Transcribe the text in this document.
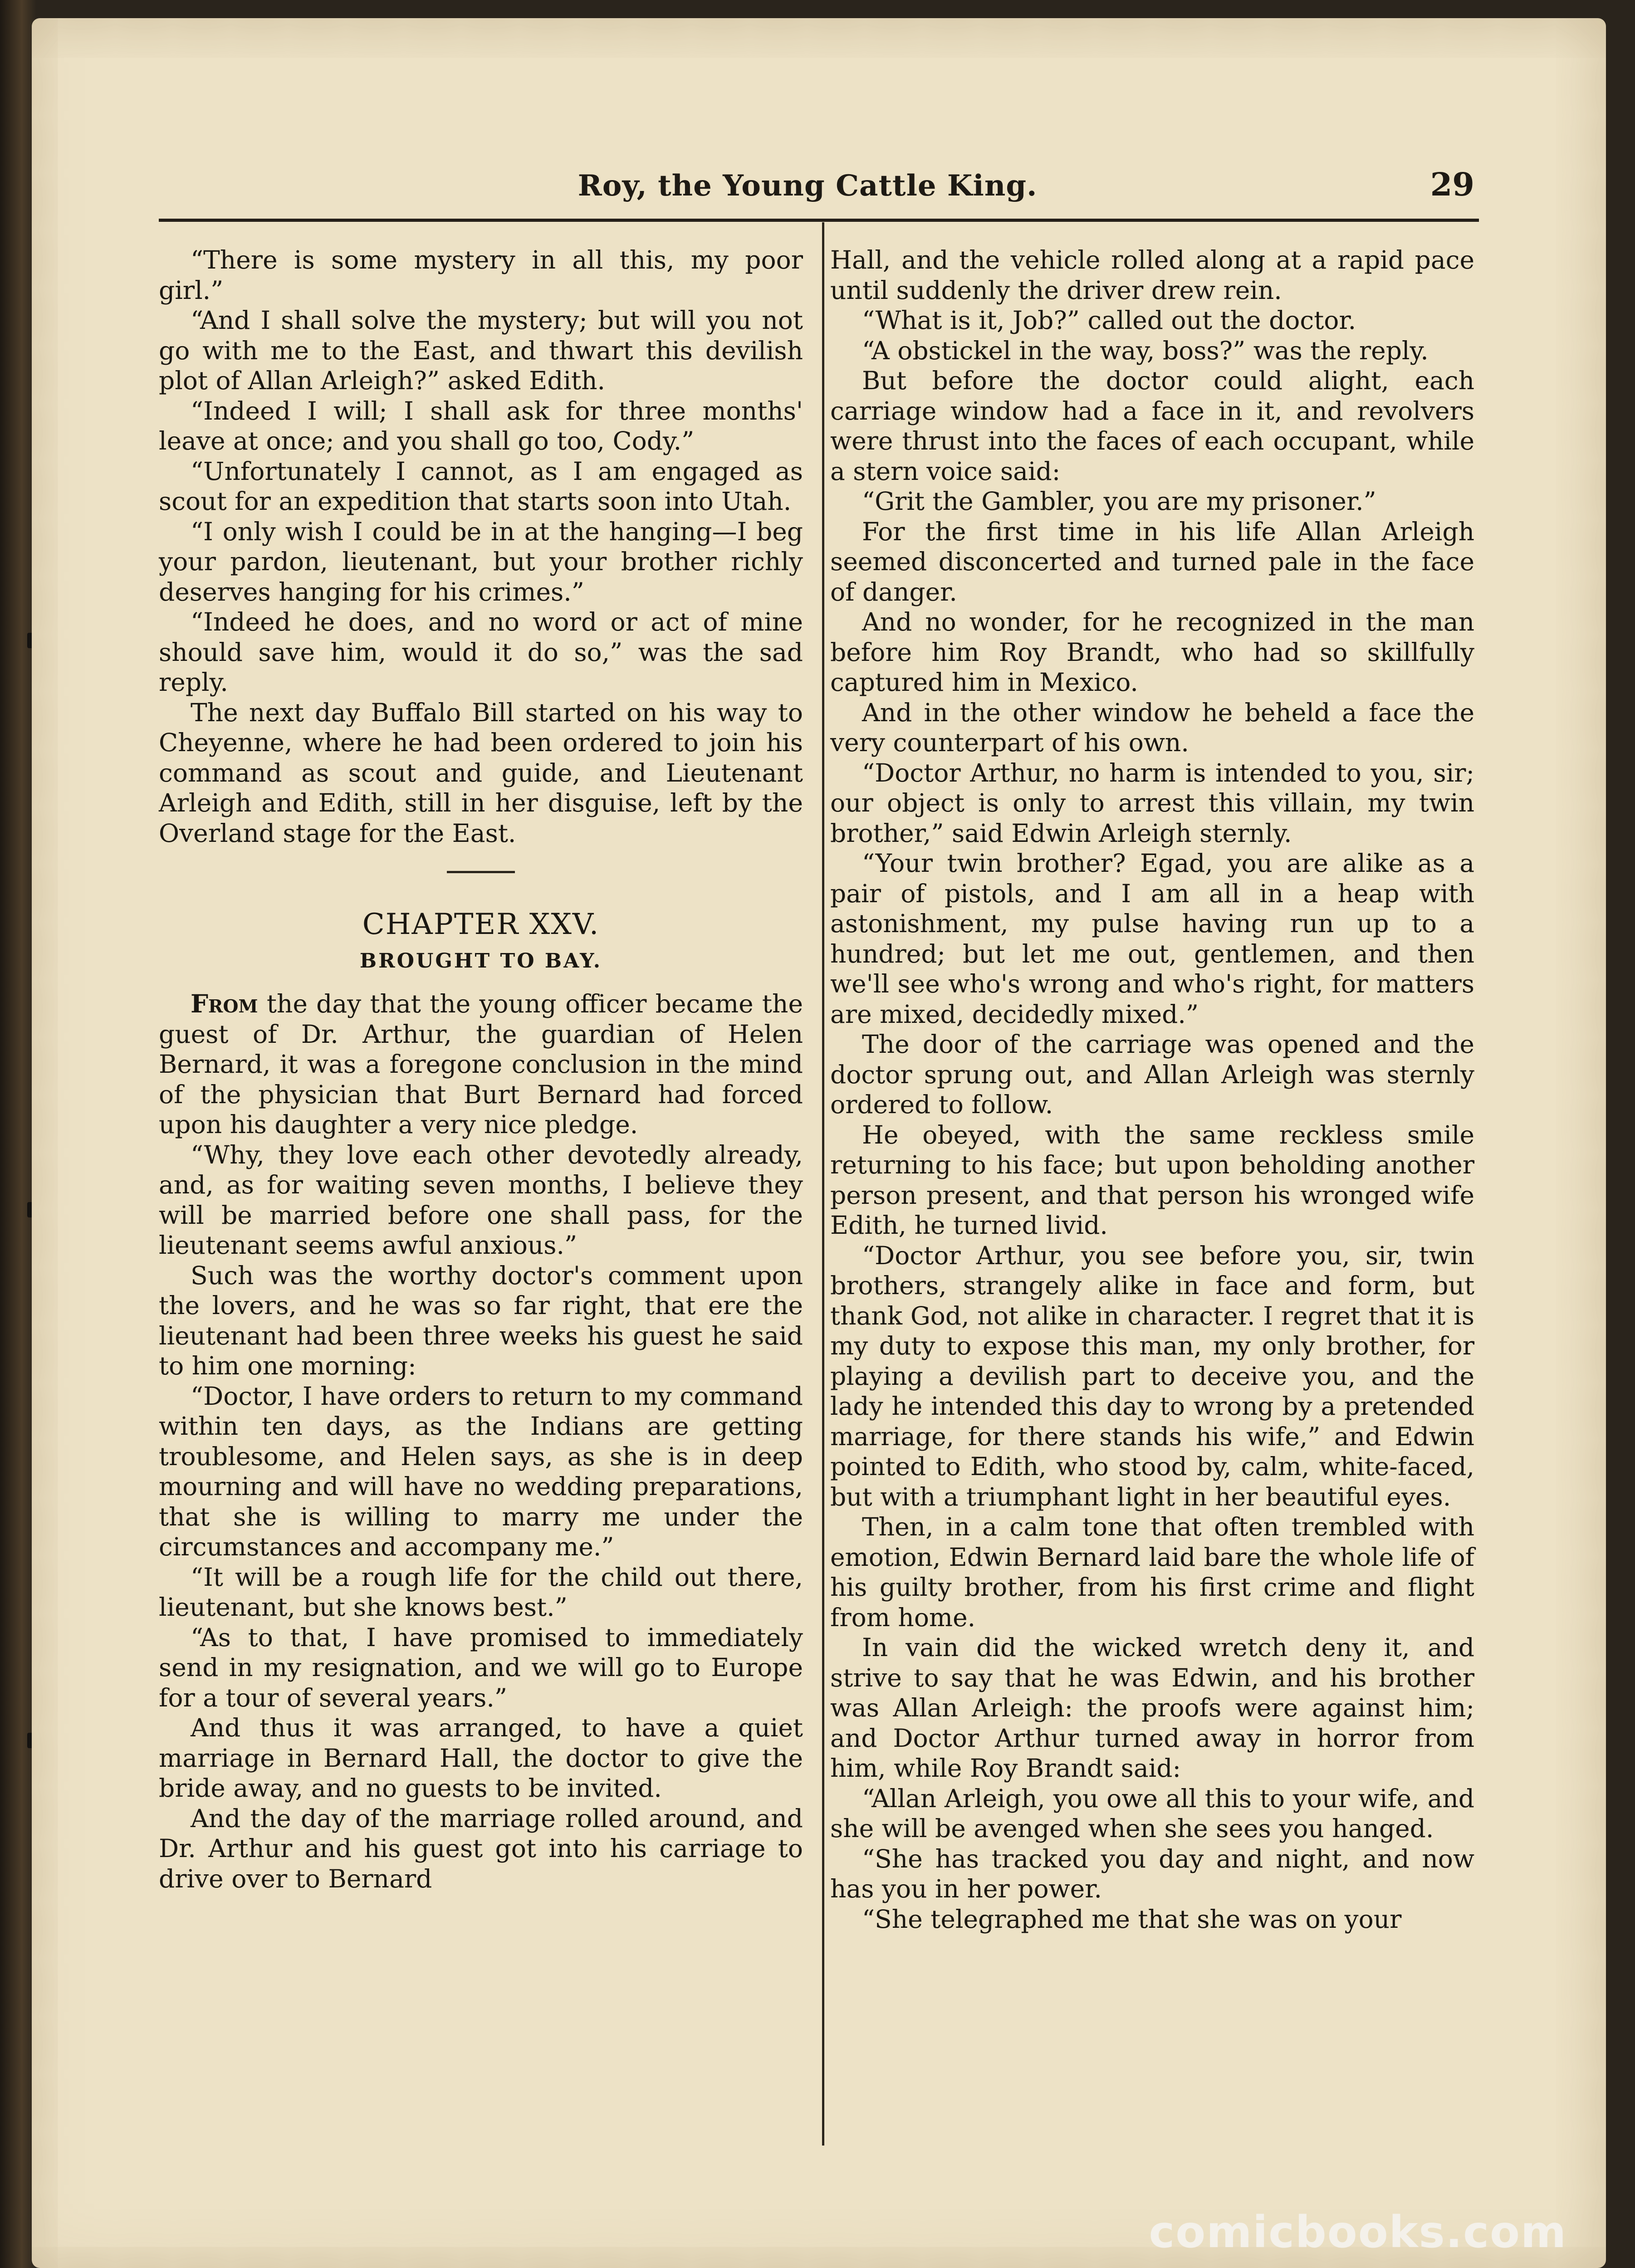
Roy, the Young Cattle King.	29

“There is some mystery in all this, my poor girl.”

“And I shall solve the mystery; but will you not go with me to the East, and thwart this devilish plot of Allan Arleigh?” asked Edith.

“Indeed I will; I shall ask for three months' leave at once; and you shall go too, Cody.”

“Unfortunately I cannot, as I am engaged as scout for an expedition that starts soon into Utah.

“I only wish I could be in at the hanging—I beg your pardon, lieutenant, but your brother richly deserves hanging for his crimes.”

“Indeed he does, and no word or act of mine should save him, would it do so,” was the sad reply.

The next day Buffalo Bill started on his way to Cheyenne, where he had been ordered to join his command as scout and guide, and Lieutenant Arleigh and Edith, still in her disguise, left by the Overland stage for the East.

CHAPTER XXV.
BROUGHT TO BAY.

From the day that the young officer became the guest of Dr. Arthur, the guardian of Helen Bernard, it was a foregone conclusion in the mind of the physician that Burt Bernard had forced upon his daughter a very nice pledge.

“Why, they love each other devotedly already, and, as for waiting seven months, I believe they will be married before one shall pass, for the lieutenant seems awful anxious.”

Such was the worthy doctor's comment upon the lovers, and he was so far right, that ere the lieutenant had been three weeks his guest he said to him one morning:

“Doctor, I have orders to return to my command within ten days, as the Indians are getting troublesome, and Helen says, as she is in deep mourning and will have no wedding preparations, that she is willing to marry me under the circumstances and accompany me.”

“It will be a rough life for the child out there, lieutenant, but she knows best.”

“As to that, I have promised to immediately send in my resignation, and we will go to Europe for a tour of several years.”

And thus it was arranged, to have a quiet marriage in Bernard Hall, the doctor to give the bride away, and no guests to be invited.

And the day of the marriage rolled around, and Dr. Arthur and his guest got into his carriage to drive over to Bernard

Hall, and the vehicle rolled along at a rapid pace until suddenly the driver drew rein.

“What is it, Job?” called out the doctor.

“A obstickel in the way, boss?” was the reply.

But before the doctor could alight, each carriage window had a face in it, and revolvers were thrust into the faces of each occupant, while a stern voice said:

“Grit the Gambler, you are my prisoner.”

For the first time in his life Allan Arleigh seemed disconcerted and turned pale in the face of danger.

And no wonder, for he recognized in the man before him Roy Brandt, who had so skillfully captured him in Mexico.

And in the other window he beheld a face the very counterpart of his own.

“Doctor Arthur, no harm is intended to you, sir; our object is only to arrest this villain, my twin brother,” said Edwin Arleigh sternly.

“Your twin brother? Egad, you are alike as a pair of pistols, and I am all in a heap with astonishment, my pulse having run up to a hundred; but let me out, gentlemen, and then we'll see who's wrong and who's right, for matters are mixed, decidedly mixed.”

The door of the carriage was opened and the doctor sprung out, and Allan Arleigh was sternly ordered to follow.

He obeyed, with the same reckless smile returning to his face; but upon beholding another person present, and that person his wronged wife Edith, he turned livid.

“Doctor Arthur, you see before you, sir, twin brothers, strangely alike in face and form, but thank God, not alike in character. I regret that it is my duty to expose this man, my only brother, for playing a devilish part to deceive you, and the lady he intended this day to wrong by a pretended marriage, for there stands his wife,” and Edwin pointed to Edith, who stood by, calm, white-faced, but with a triumphant light in her beautiful eyes.

Then, in a calm tone that often trembled with emotion, Edwin Bernard laid bare the whole life of his guilty brother, from his first crime and flight from home.

In vain did the wicked wretch deny it, and strive to say that he was Edwin, and his brother was Allan Arleigh: the proofs were against him; and Doctor Arthur turned away in horror from him, while Roy Brandt said:

“Allan Arleigh, you owe all this to your wife, and she will be avenged when she sees you hanged.

“She has tracked you day and night, and now has you in her power.

“She telegraphed me that she was on your

comicbooks.com
